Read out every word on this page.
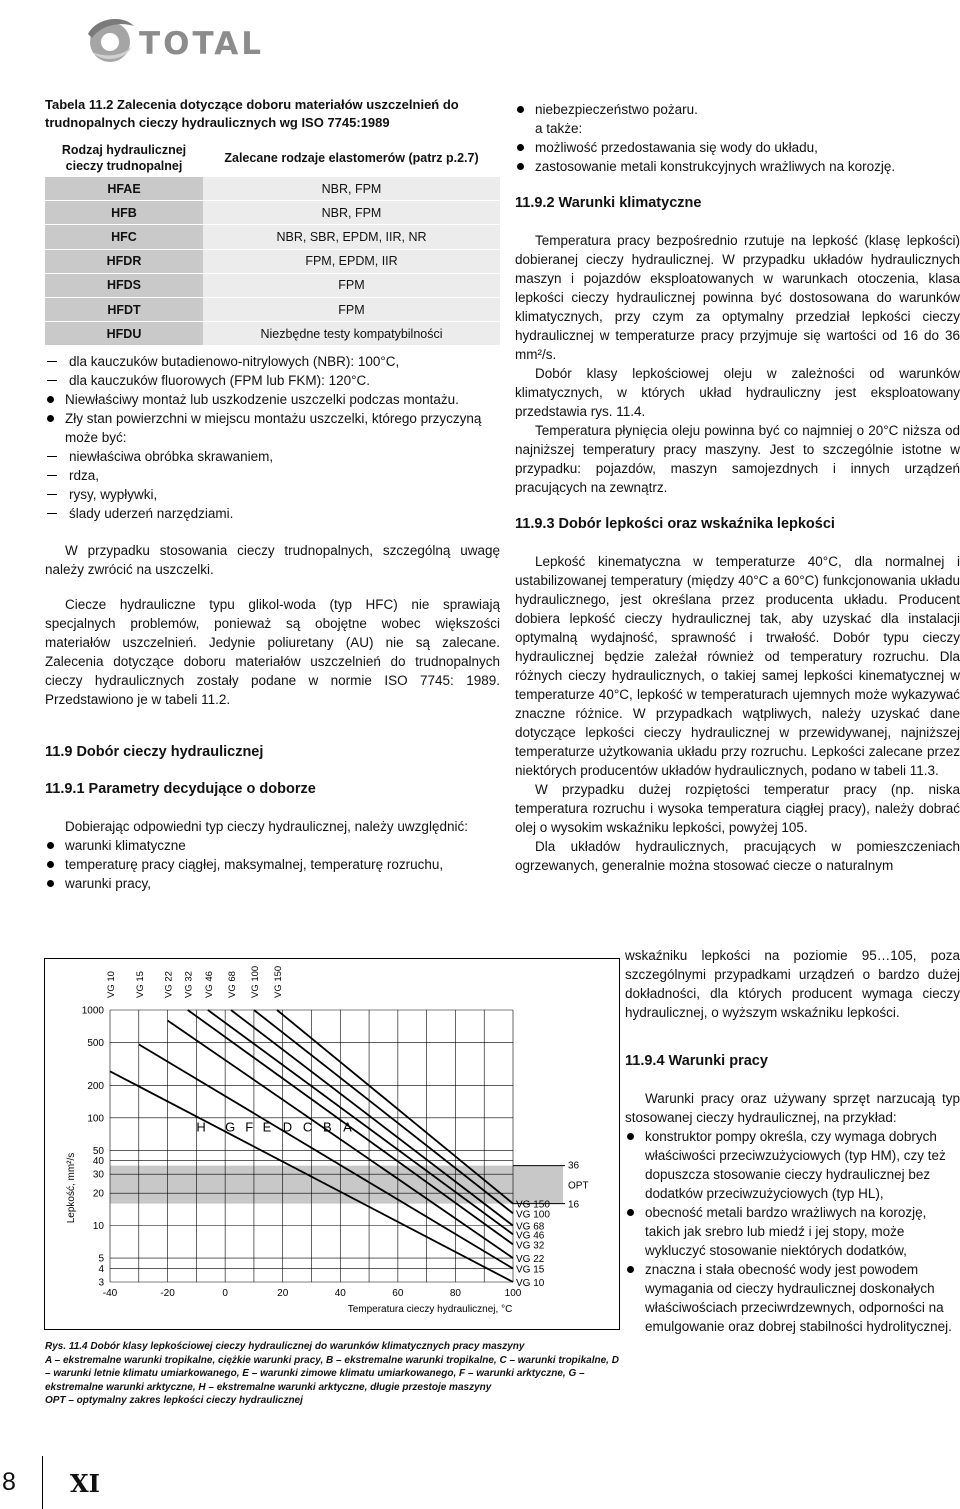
TOTAL
Tabela 11.2 Zalecenia dotyczące doboru materiałów uszczelnień do trudnopalnych cieczy hydraulicznych wg ISO 7745:1989
Rodzaj hydraulicznej cieczy trudnopalnej	Zalecane rodzaje elastomerów (patrz p.2.7)
HFAE	NBR, FPM
HFB	NBR, FPM
HFC	NBR, SBR, EPDM, IIR, NR
HFDR	FPM, EPDM, IIR
HFDS	FPM
HFDT	FPM
HFDU	Niezbędne testy kompatybilności
dla kauczuków butadienowo-nitrylowych (NBR): 100°C,
dla kauczuków fluorowych (FPM lub FKM): 120°C.
Niewłaściwy montaż lub uszkodzenie uszczelki podczas montażu.
Zły stan powierzchni w miejscu montażu uszczelki, którego przyczyną może być:
niewłaściwa obróbka skrawaniem,
rdza,
rysy, wypływki,
ślady uderzeń narzędziami.

W przypadku stosowania cieczy trudnopalnych, szczególną uwagę należy zwrócić na uszczelki.

Ciecze hydrauliczne typu glikol-woda (typ HFC) nie sprawiają specjalnych problemów, ponieważ są obojętne wobec większości materiałów uszczelnień. Jedynie poliuretany (AU) nie są zalecane. Zalecenia dotyczące doboru materiałów uszczelnień do trudnopalnych cieczy hydraulicznych zostały podane w normie ISO 7745: 1989. Przedstawiono je w tabeli 11.2.

11.9 Dobór cieczy hydraulicznej
11.9.1 Parametry decydujące o doborze

Dobierając odpowiedni typ cieczy hydraulicznej, należy uwzględnić:

warunki klimatyczne
temperaturę pracy ciągłej, maksymalnej, temperaturę rozruchu,
warunki pracy,
niebezpieczeństwo pożaru.
a także:
możliwość przedostawania się wody do układu,
zastosowanie metali konstrukcyjnych wrażliwych na korozję.
11.9.2 Warunki klimatyczne

Temperatura pracy bezpośrednio rzutuje na lepkość (klasę lepkości) dobieranej cieczy hydraulicznej. W przypadku układów hydraulicznych maszyn i pojazdów eksploatowanych w warunkach otoczenia, klasa lepkości cieczy hydraulicznej powinna być dostosowana do warunków klimatycznych, przy czym za optymalny przedział lepkości cieczy hydraulicznej w temperaturze pracy przyjmuje się wartości od 16 do 36 mm²/s.

Dobór klasy lepkościowej oleju w zależności od warunków klimatycznych, w których układ hydrauliczny jest eksploatowany przedstawia rys. 11.4.

Temperatura płynięcia oleju powinna być co najmniej o 20°C niższa od najniższej temperatury pracy maszyny. Jest to szczególnie istotne w przypadku: pojazdów, maszyn samojezdnych i innych urządzeń pracujących na zewnątrz.

11.9.3 Dobór lepkości oraz wskaźnika lepkości

Lepkość kinematyczna w temperaturze 40°C, dla normalnej i ustabilizowanej temperatury (między 40°C a 60°C) funkcjonowania układu hydraulicznego, jest określana przez producenta układu. Producent dobiera lepkość cieczy hydraulicznej tak, aby uzyskać dla instalacji optymalną wydajność, sprawność i trwałość. Dobór typu cieczy hydraulicznej będzie zależał również od temperatury rozruchu. Dla różnych cieczy hydraulicznych, o takiej samej lepkości kinematycznej w temperaturze 40°C, lepkość w temperaturach ujemnych może wykazywać znaczne różnice. W przypadkach wątpliwych, należy uzyskać dane dotyczące lepkości cieczy hydraulicznej w przewidywanej, najniższej temperaturze użytkowania układu przy rozruchu. Lepkości zalecane przez niektórych producentów układów hydraulicznych, podano w tabeli 11.3.

W przypadku dużej rozpiętości temperatur pracy (np. niska temperatura rozruchu i wysoka temperatura ciągłej pracy), należy dobrać olej o wysokim wskaźniku lepkości, powyżej 105.

Dla układów hydraulicznych, pracujących w pomieszczeniach ogrzewanych, generalnie można stosować ciecze o naturalnym

wskaźniku lepkości na poziomie 95…105, poza szczególnymi przypadkami urządzeń o bardzo dużej dokładności, dla których producent wymaga cieczy hydraulicznej, o wyższym wskaźniku lepkości.

11.9.4 Warunki pracy

Warunki pracy oraz używany sprzęt narzucają typ stosowanej cieczy hydraulicznej, na przykład:

konstruktor pompy określa, czy wymaga dobrych właściwości przeciwzużyciowych (typ HM), czy też dopuszcza stosowanie cieczy hydraulicznej bez dodatków przeciwzużyciowych (typ HL),
obecność metali bardzo wrażliwych na korozję, takich jak srebro lub miedź i jej stopy, może wykluczyć stosowanie niektórych dodatków,
znaczna i stała obecność wody jest powodem wymagania od cieczy hydraulicznej doskonałych właściwościach przeciwrdzewnych, odporności na emulgowanie oraz dobrej stabilności hydrolitycznej.
3
4
5
10
20
30
40
50
100
200
500
1000
-40	-20	0	20	40	60	80	100
VG 10
VG 10
VG 15
VG 15
VG 22
VG 22
VG 32
VG 32
VG 46
VG 46
VG 68
VG 68
VG 100
VG 100
VG 150
VG 150
H G F E D C B A
36
OPT
16
Lepkość, mm²/s
Temperatura cieczy hydraulicznej, °C
Rys. 11.4 Dobór klasy lepkościowej cieczy hydraulicznej do warunków klimatycznych pracy maszyny
A – ekstremalne warunki tropikalne, ciężkie warunki pracy, B – ekstremalne warunki tropikalne, C – warunki tropikalne, D – warunki letnie klimatu umiarkowanego, E – warunki zimowe klimatu umiarkowanego, F – warunki arktyczne, G – ekstremalne warunki arktyczne, H – ekstremalne warunki arktyczne, długie przestoje maszyny
OPT – optymalny zakres lepkości cieczy hydraulicznej
8 XI
